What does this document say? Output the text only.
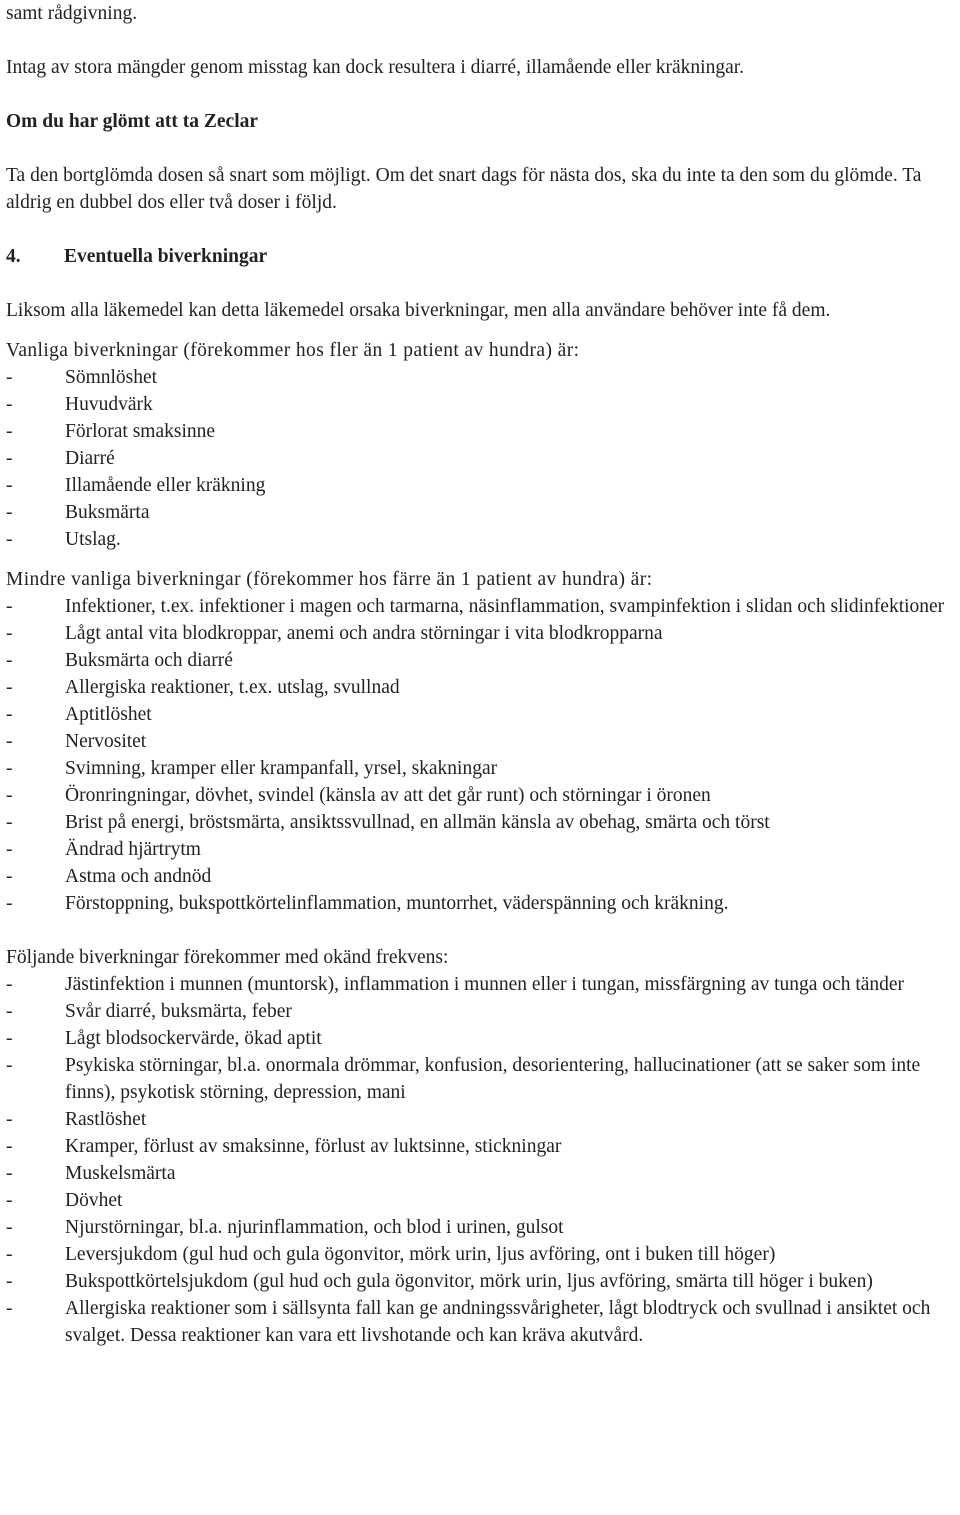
samt rådgivning.

Intag av stora mängder genom misstag kan dock resultera i diarré, illamående eller kräkningar.

Om du har glömt att ta Zeclar

Ta den bortglömda dosen så snart som möjligt. Om det snart dags för nästa dos, ska du inte ta den som du glömde. Ta aldrig en dubbel dos eller två doser i följd.

4. Eventuella biverkningar

Liksom alla läkemedel kan detta läkemedel orsaka biverkningar, men alla användare behöver inte få dem.

Vanliga biverkningar (förekommer hos fler än 1 patient av hundra) är:

-	Sömnlöshet
-	Huvudvärk
-	Förlorat smaksinne
-	Diarré
-	Illamående eller kräkning
-	Buksmärta
-	Utslag.

Mindre vanliga biverkningar (förekommer hos färre än 1 patient av hundra) är:

-	Infektioner, t.ex. infektioner i magen och tarmarna, näsinflammation, svampinfektion i slidan och slidinfektioner
-	Lågt antal vita blodkroppar, anemi och andra störningar i vita blodkropparna
-	Buksmärta och diarré
-	Allergiska reaktioner, t.ex. utslag, svullnad
-	Aptitlöshet
-	Nervositet
-	Svimning, kramper eller krampanfall, yrsel, skakningar
-	Öronringningar, dövhet, svindel (känsla av att det går runt) och störningar i öronen
-	Brist på energi, bröstsmärta, ansiktssvullnad, en allmän känsla av obehag, smärta och törst
-	Ändrad hjärtrytm
-	Astma och andnöd
-	Förstoppning, bukspottkörtelinflammation, muntorrhet, väderspänning och kräkning.

Följande biverkningar förekommer med okänd frekvens:

-	Jästinfektion i munnen (muntorsk), inflammation i munnen eller i tungan, missfärgning av tunga och tänder
-	Svår diarré, buksmärta, feber
-	Lågt blodsockervärde, ökad aptit
-	Psykiska störningar, bl.a. onormala drömmar, konfusion, desorientering, hallucinationer (att se saker som inte finns), psykotisk störning, depression, mani
-	Rastlöshet
-	Kramper, förlust av smaksinne, förlust av luktsinne, stickningar
-	Muskelsmärta
-	Dövhet
-	Njurstörningar, bl.a. njurinflammation, och blod i urinen, gulsot
-	Leversjukdom (gul hud och gula ögonvitor, mörk urin, ljus avföring, ont i buken till höger)
-	Bukspottkörtelsjukdom (gul hud och gula ögonvitor, mörk urin, ljus avföring, smärta till höger i buken)
-	Allergiska reaktioner som i sällsynta fall kan ge andningssvårigheter, lågt blodtryck och svullnad i ansiktet och svalget. Dessa reaktioner kan vara ett livshotande och kan kräva akutvård.
